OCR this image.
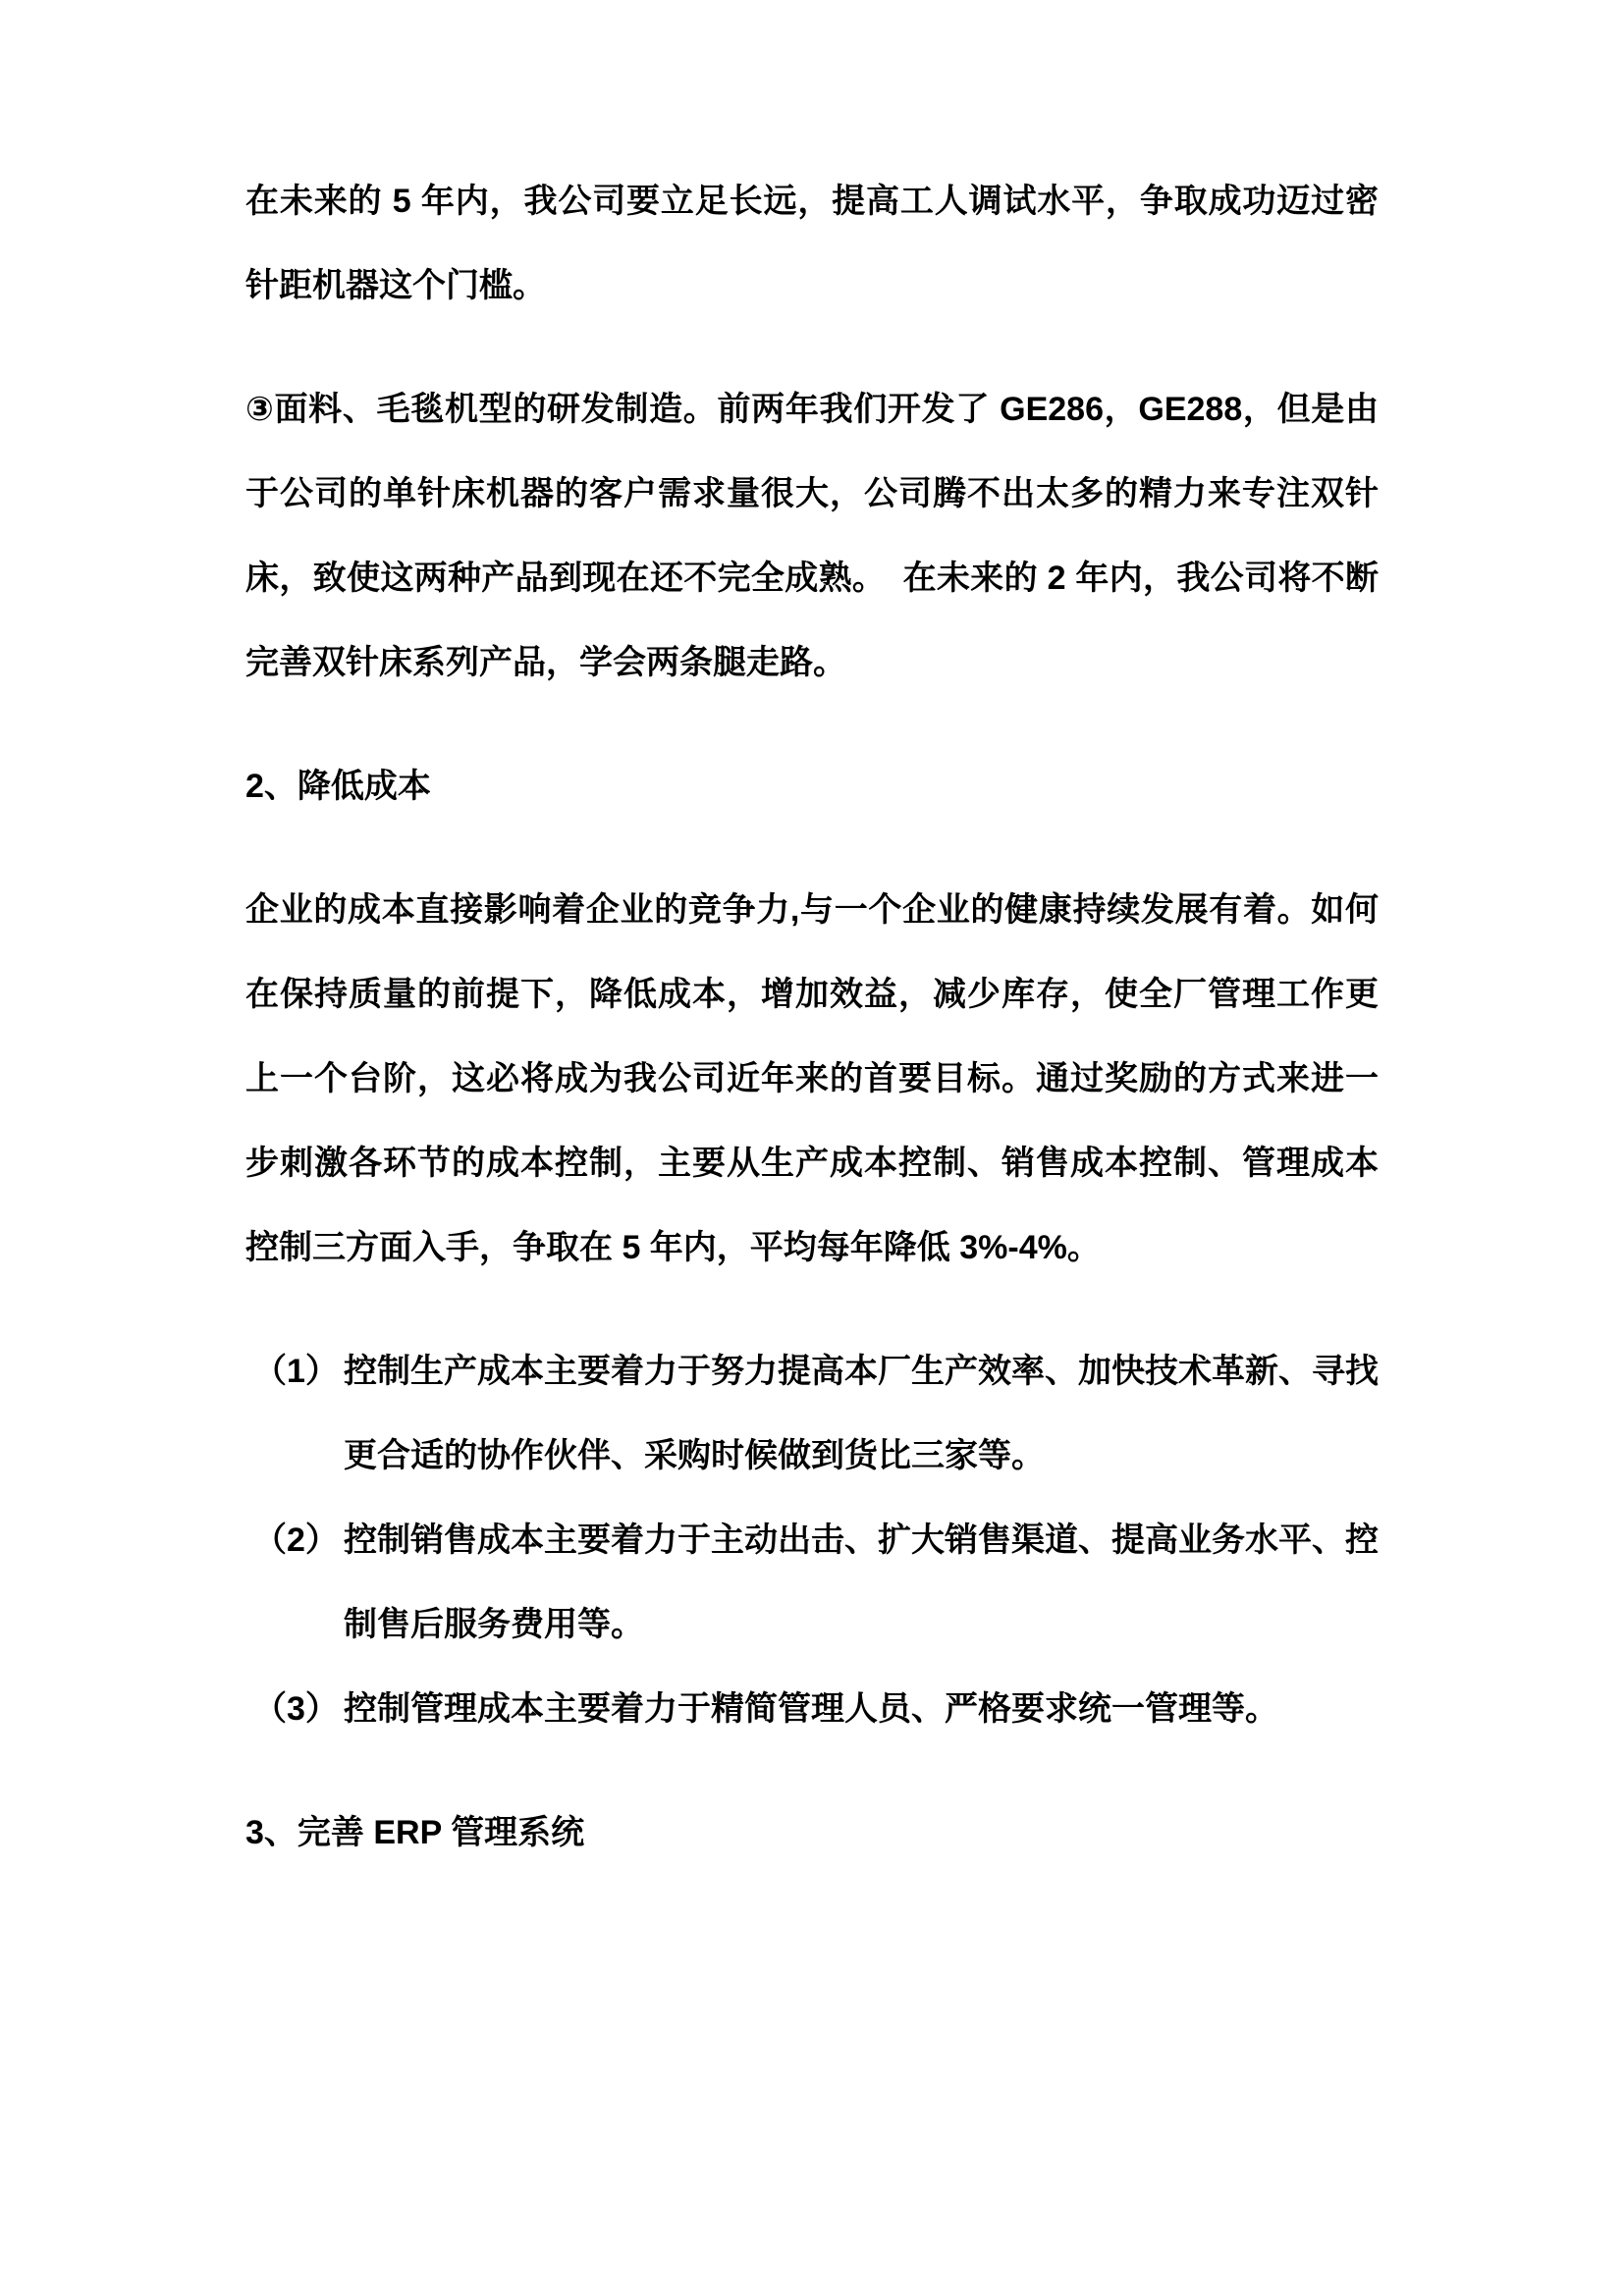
在未来的 5 年内，我公司要立足长远，提高工人调试水平，争取成功迈过密针距机器这个门槛。
③面料、毛毯机型的研发制造。前两年我们开发了 GE286，GE288，但是由于公司的单针床机器的客户需求量很大，公司腾不出太多的精力来专注双针床，致使这两种产品到现在还不完全成熟。　在未来的 2 年内，我公司将不断完善双针床系列产品，学会两条腿走路。
2、降低成本
企业的成本直接影响着企业的竞争力,与一个企业的健康持续发展有着。如何在保持质量的前提下，降低成本，增加效益，减少库存，使全厂管理工作更上一个台阶，这必将成为我公司近年来的首要目标。通过奖励的方式来进一步刺激各环节的成本控制，主要从生产成本控制、销售成本控制、管理成本控制三方面入手，争取在 5 年内，平均每年降低 3%-4%。
（1） 控制生产成本主要着力于努力提高本厂生产效率、加快技术革新、寻找更合适的协作伙伴、采购时候做到货比三家等。
（2） 控制销售成本主要着力于主动出击、扩大销售渠道、提高业务水平、控制售后服务费用等。
（3） 控制管理成本主要着力于精简管理人员、严格要求统一管理等。
3、完善 ERP 管理系统
